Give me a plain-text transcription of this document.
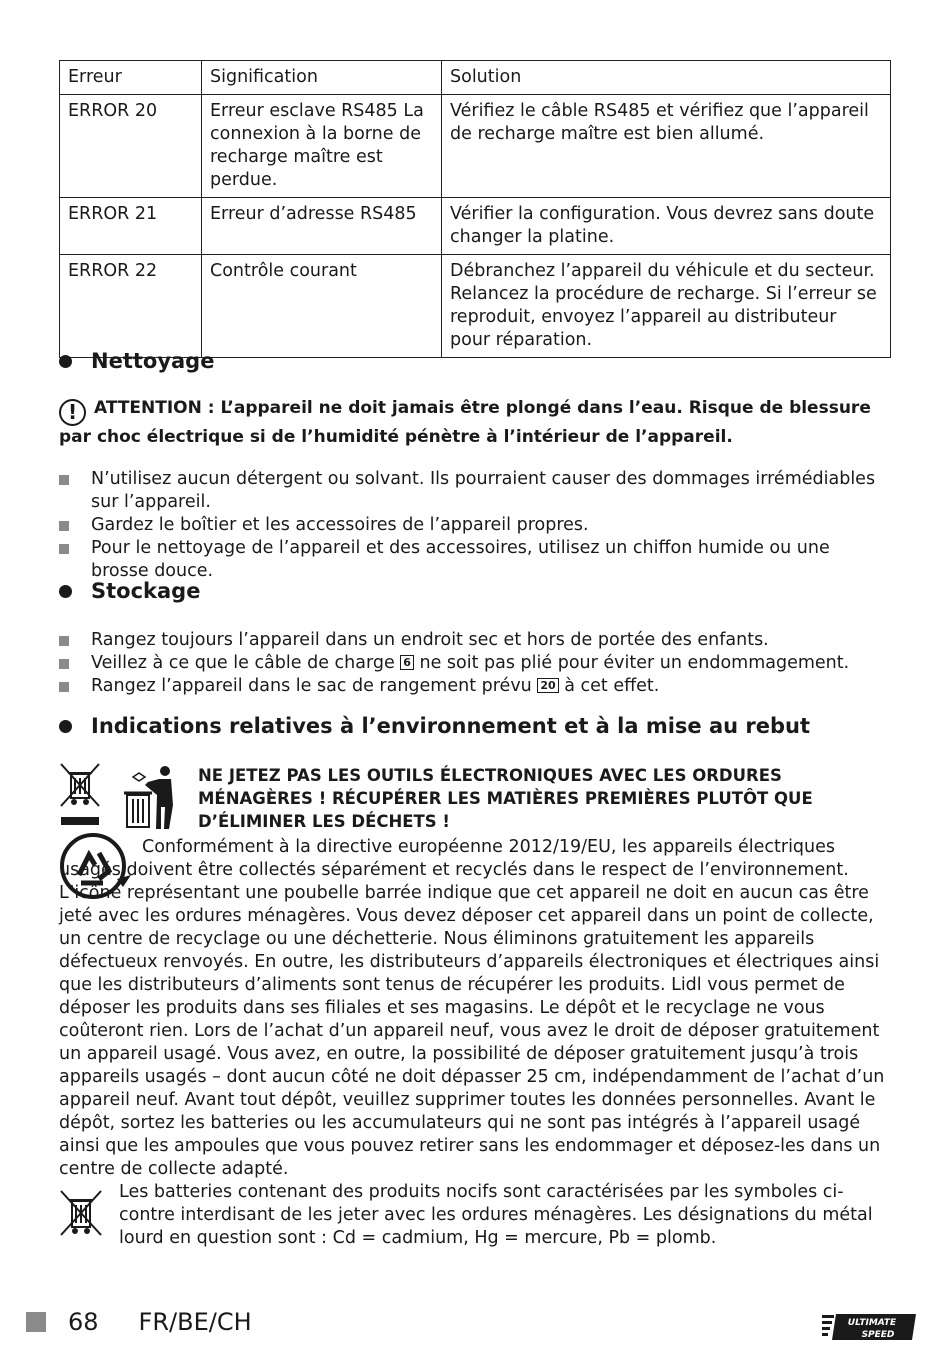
Erreur	Signification	Solution
ERROR 20	Erreur esclave RS485 La connexion à la borne de recharge maître est perdue.	Vérifiez le câble RS485 et vérifiez que l’appareil de recharge maître est bien allumé.
ERROR 21	Erreur d’adresse RS485	Vérifier la configuration. Vous devrez sans doute changer la platine.
ERROR 22	Contrôle courant	Débranchez l’appareil du véhicule et du secteur. Relancez la procédure de recharge. Si l’erreur se reproduit, envoyez l’appareil au distributeur pour réparation.
Nettoyage
! ATTENTION : L’appareil ne doit jamais être plongé dans l’eau. Risque de blessure par choc électrique si de l’humidité pénètre à l’intérieur de l’appareil.
N’utilisez aucun détergent ou solvant. Ils pourraient causer des dommages irrémédiables sur l’appareil.
Gardez le boîtier et les accessoires de l’appareil propres.
Pour le nettoyage de l’appareil et des accessoires, utilisez un chiffon humide ou une brosse douce.
Stockage
Rangez toujours l’appareil dans un endroit sec et hors de portée des enfants.
Veillez à ce que le câble de charge 6 ne soit pas plié pour éviter un endommagement.
Rangez l’appareil dans le sac de rangement prévu 20 à cet effet.
Indications relatives à l’environnement et à la mise au rebut
NE JETEZ PAS LES OUTILS ÉLECTRONIQUES AVEC LES ORDURES MÉNAGÈRES ! RÉCUPÉRER LES MATIÈRES PREMIÈRES PLUTÔT QUE D’ÉLIMINER LES DÉCHETS !
Conformément à la directive européenne 2012/19/EU, les appareils électriques usagés doivent être collectés séparément et recyclés dans le respect de l’environnement. L’icône représentant une poubelle barrée indique que cet appareil ne doit en aucun cas être jeté avec les ordures ménagères. Vous devez déposer cet appareil dans un point de collecte, un centre de recyclage ou une déchetterie. Nous éliminons gratuitement les appareils défectueux renvoyés. En outre, les distributeurs d’appareils électroniques et électriques ainsi que les distributeurs d’aliments sont tenus de récupérer les produits. Lidl vous permet de déposer les produits dans ses filiales et ses magasins. Le dépôt et le recyclage ne vous coûteront rien. Lors de l’achat d’un appareil neuf, vous avez le droit de déposer gratuitement un appareil usagé. Vous avez, en outre, la possibilité de déposer gratuitement jusqu’à trois appareils usagés – dont aucun côté ne doit dépasser 25 cm, indépendamment de l’achat d’un appareil neuf. Avant tout dépôt, veuillez supprimer toutes les données personnelles. Avant le dépôt, sortez les batteries ou les accumulateurs qui ne sont pas intégrés à l’appareil usagé ainsi que les ampoules que vous pouvez retirer sans les endommager et déposez-les dans un centre de collecte adapté.
Les batteries contenant des produits nocifs sont caractérisées par les symboles ci-contre interdisant de les jeter avec les ordures ménagères. Les désignations du métal lourd en question sont : Cd = cadmium, Hg = mercure, Pb = plomb.
68 FR/BE/CH	ULTIMATE
SPEED
